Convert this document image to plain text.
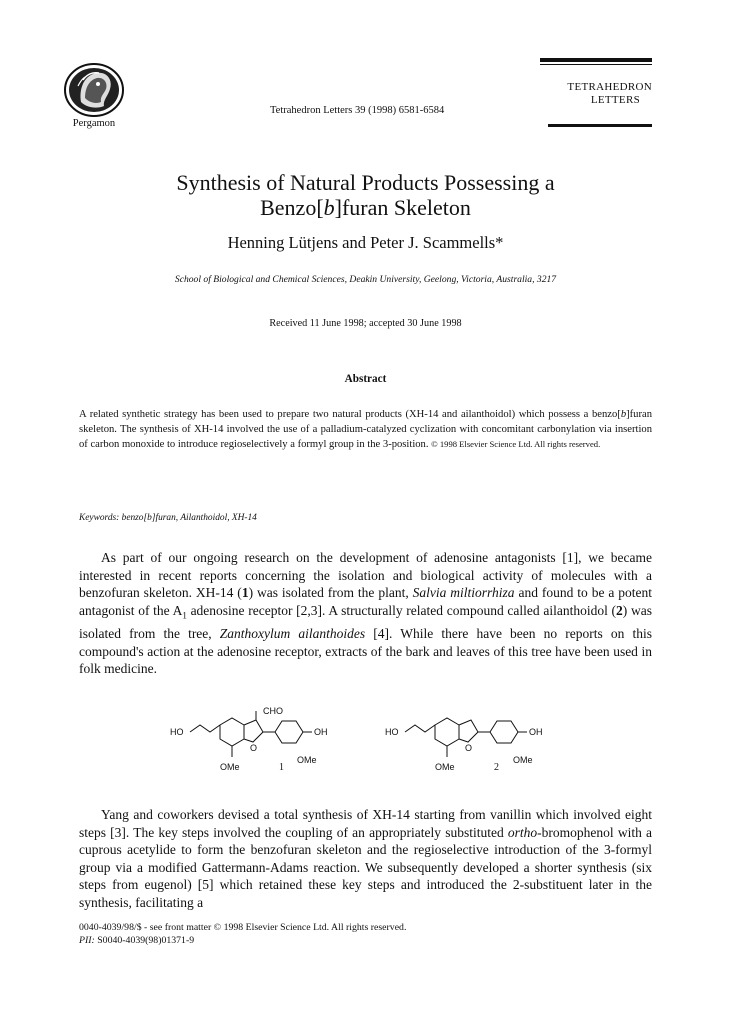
Pergamon
Tetrahedron Letters 39 (1998) 6581-6584
TETRAHEDRON
LETTERS
Synthesis of Natural Products Possessing a
Benzo[b]furan Skeleton
Henning Lütjens and Peter J. Scammells*
School of Biological and Chemical Sciences, Deakin University, Geelong, Victoria, Australia, 3217
Received 11 June 1998; accepted 30 June 1998
Abstract
A related synthetic strategy has been used to prepare two natural products (XH-14 and ailanthoidol) which possess a benzo[b]furan skeleton. The synthesis of XH-14 involved the use of a palladium-catalyzed cyclization with concomitant carbonylation via insertion of carbon monoxide to introduce regioselectively a formyl group in the 3-position. © 1998 Elsevier Science Ltd. All rights reserved.
Keywords: benzo[b]furan, Ailanthoidol, XH-14
As part of our ongoing research on the development of adenosine antagonists [1], we became interested in recent reports concerning the isolation and biological activity of molecules with a benzofuran skeleton. XH-14 (1) was isolated from the plant, Salvia miltiorrhiza and found to be a potent antagonist of the $A_1$ adenosine receptor [2,3]. A structurally related compound called ailanthoidol (2) was isolated from the tree, Zanthoxylum ailanthoides [4]. While there have been no reports on this compound's action at the adenosine receptor, extracts of the bark and leaves of this tree have been used in folk medicine.
CHO
HO	OH
O
OMe	1
OMe
HO	OH
O
OMe	2
OMe
Yang and coworkers devised a total synthesis of XH-14 starting from vanillin which involved eight steps [3]. The key steps involved the coupling of an appropriately substituted ortho-bromophenol with a cuprous acetylide to form the benzofuran skeleton and the regioselective introduction of the 3-formyl group via a modified Gattermann-Adams reaction. We subsequently developed a shorter synthesis (six steps from eugenol) [5] which retained these key steps and introduced the 2-substituent later in the synthesis, facilitating a
0040-4039/98/$ - see front matter © 1998 Elsevier Science Ltd. All rights reserved.
PII: S0040-4039(98)01371-9
